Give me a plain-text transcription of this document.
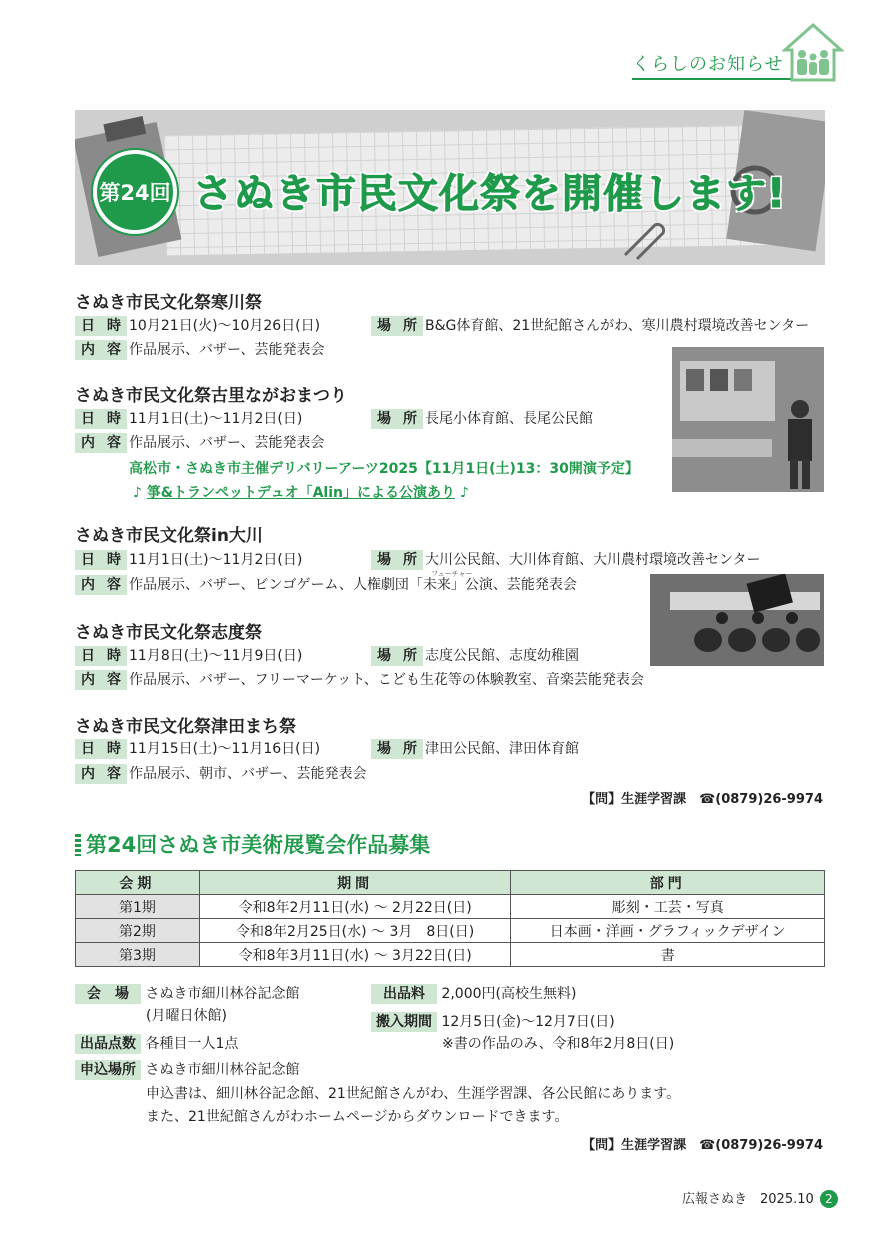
くらしのお知らせ
第24回 さぬき市民文化祭を開催します!
さぬき市民文化祭寒川祭
日時10月21日(火)～10月26日(日)	場所B&G体育館、21世紀館さんがわ、寒川農村環境改善センター
内容作品展示、バザー、芸能発表会
さぬき市民文化祭古里ながおまつり
日時11月1日(土)～11月2日(日)	場所長尾小体育館、長尾公民館
内容作品展示、バザー、芸能発表会
高松市・さぬき市主催デリバリーアーツ2025【11月1日(土)13：30開演予定】
♪ 箏&トランペットデュオ「Alin」による公演あり ♪
さぬき市民文化祭in大川
日時11月1日(土)～11月2日(日)	場所大川公民館、大川体育館、大川農村環境改善センター
内容作品展示、バザー、ビンゴゲーム、人権劇団「未来」公演、芸能発表会
フューチャー
さぬき市民文化祭志度祭
日時11月8日(土)～11月9日(日)	場所志度公民館、志度幼稚園
内容作品展示、バザー、フリーマーケット、こども生花等の体験教室、音楽芸能発表会
さぬき市民文化祭津田まち祭
日時11月15日(土)～11月16日(日)	場所津田公民館、津田体育館
内容作品展示、朝市、バザー、芸能発表会
【問】生涯学習課　☎(0879)26-9974
第24回さぬき市美術展覧会作品募集
会期	期間	部門
第1期	令和8年2月11日(水) ～ 2月22日(日)	彫刻・工芸・写真
第2期	令和8年2月25日(水) ～ 3月　8日(日)	日本画・洋画・グラフィックデザイン
第3期	令和8年3月11日(水) ～ 3月22日(日)	書
会　場 さぬき市細川林谷記念館
(月曜日休館)
出品料 2,000円(高校生無料)
搬入期間 12月5日(金)～12月7日(日)
※書の作品のみ、令和8年2月8日(日)
出品点数 各種目一人1点
申込場所 さぬき市細川林谷記念館
申込書は、細川林谷記念館、21世紀館さんがわ、生涯学習課、各公民館にあります。
また、21世紀館さんがわホームページからダウンロードできます。
【問】生涯学習課　☎(0879)26-9974
広報さぬき　2025.10 2
